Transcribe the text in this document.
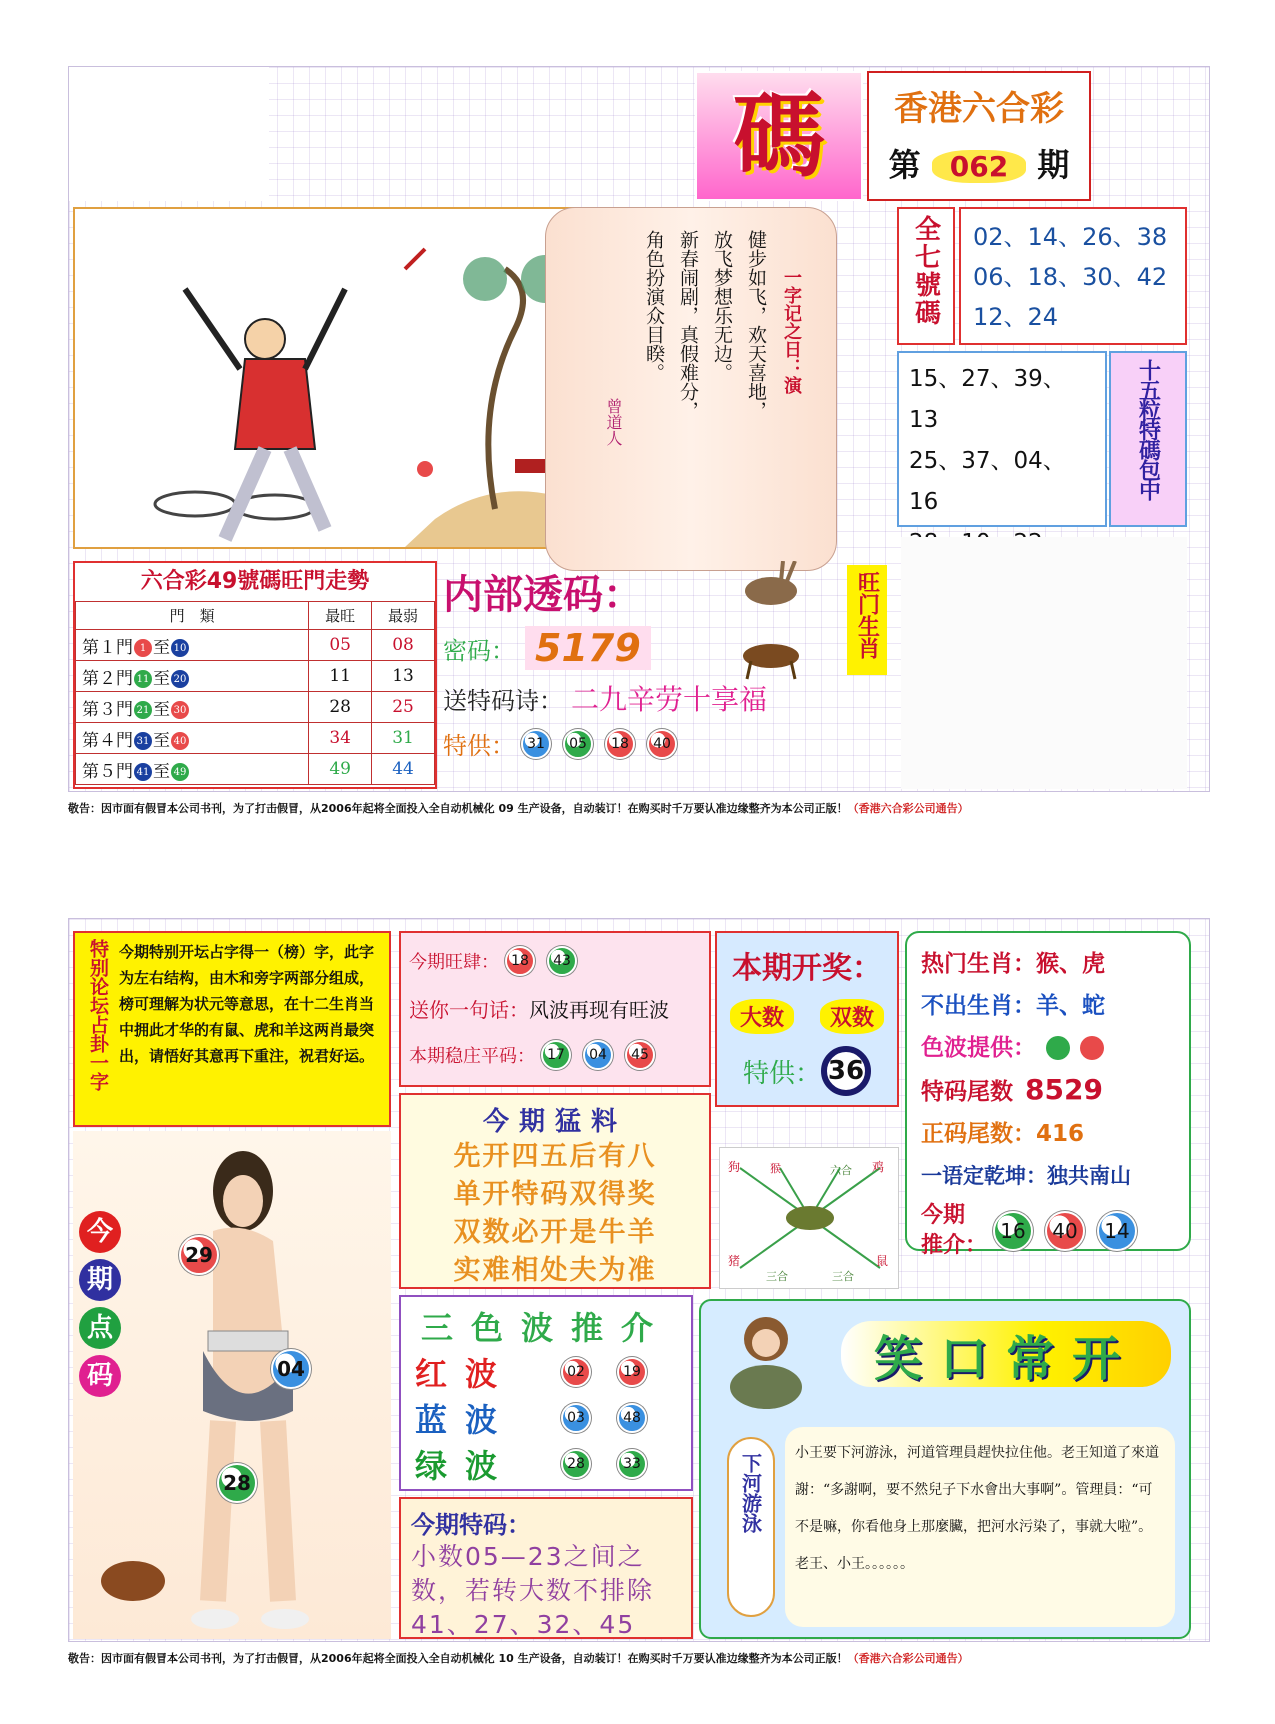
碼	香港六合彩
第 062 期
一字记之日：演
健步如飞，欢天喜地，
放飞梦想乐无边。
新春闹剧，真假难分，
角色扮演众目睽。
曾道人
全七號碼 02、14、26、38
06、18、30、42
12、24
15、27、39、13
25、37、04、16
十五粒特碼包中
六合彩49號碼旺門走勢
門　類	最旺	最弱
第１門 1 至 10	05	08
第２門 11 至 20	11	13
第３門 21 至 30	28	25
第４門 31 至 40	34	31
第５門 41 至 49	49	44
内部透码：
密码： 5179
送特码诗： 二九辛劳十享福
特供： 31	05	18	40
旺门生肖
敬告：因市面有假冒本公司书刊，为了打击假冒，从2006年起将全面投入全自动机械化 09 生产设备，自动装订！在购买时千万要认准边缘整齐为本公司正版！（香港六合彩公司通告）
特别论坛占卦一字 今期特别开坛占字得一（榜）字，此字为左右结构，由木和旁字两部分组成，榜可理解为状元等意思，在十二生肖当中拥此才华的有鼠、虎和羊这两肖最突出，请悟好其意再下重注，祝君好运。
今
期
点
码
29
04
28
今期旺肆： 18	43
送你一句话： 风波再现有旺波
本期稳庄平码： 17	04	45
本期开奖：
大数	双数
特供： 36
热门生肖：猴、虎
不出生肖：羊、蛇
色波提供：
特码尾数 8529
正码尾数：416
一语定乾坤：独共南山
今期
推介：
16	40	14
今期猛料
先开四五后有八
单开特码双得奖
双数必开是牛羊
实难相处夫为准
狗	猴	六合 鸡
猪
三合	三合
鼠
三色波推介
红波	02	19
蓝波	03	48
绿波	28	33
今期特码：
小数05—23之间之数，若转大数不排除41、27、32、45
笑口常开
下河游泳	小王要下河游泳，河道管理員趕快拉住他。老王知道了來道謝：“多謝啊，要不然兒子下水會出大事啊”。管理員：“可不是嘛，你看他身上那麼臟，把河水污染了，事就大啦”。老王、小王。。。。。。
敬告：因市面有假冒本公司书刊，为了打击假冒，从2006年起将全面投入全自动机械化 10 生产设备，自动装订！在购买时千万要认准边缘整齐为本公司正版！（香港六合彩公司通告）
